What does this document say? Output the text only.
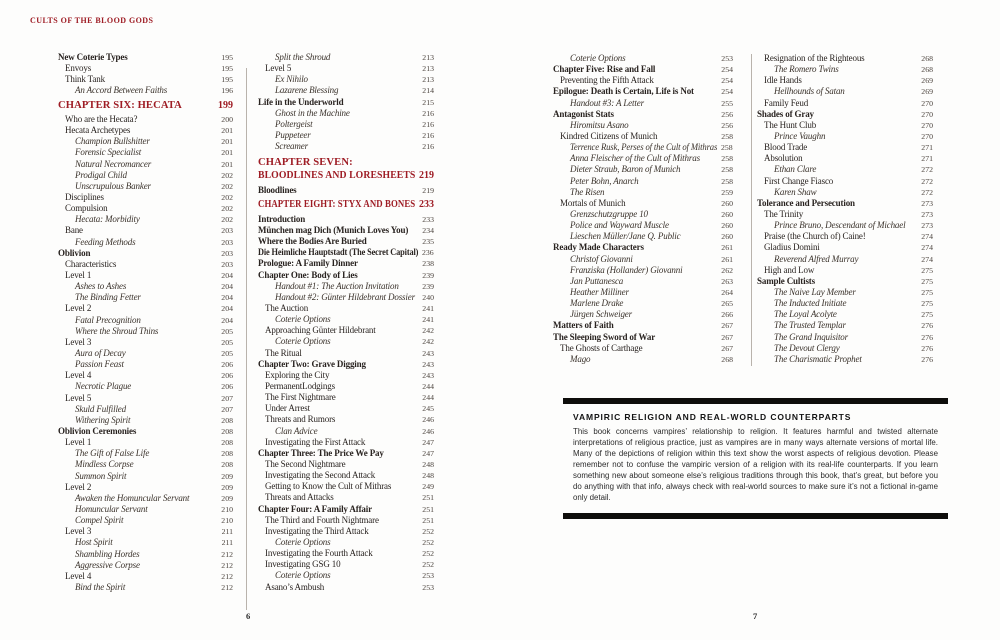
CULTS OF THE BLOOD GODS
New Coterie Types	195
Envoys	195
Think Tank	195
An Accord Between Faiths	196
CHAPTER SIX: HECATA	199
Who are the Hecata?	200
Hecata Archetypes	201
Champion Bullshitter	201
Forensic Specialist	201
Natural Necromancer	201
Prodigal Child	202
Unscrupulous Banker	202
Disciplines	202
Compulsion	202
Hecata: Morbidity	202
Bane	203
Feeding Methods	203
Oblivion	203
Characteristics	203
Level 1	204
Ashes to Ashes	204
The Binding Fetter	204
Level 2	204
Fatal Precognition	204
Where the Shroud Thins	205
Level 3	205
Aura of Decay	205
Passion Feast	206
Level 4	206
Necrotic Plague	206
Level 5	207
Skuld Fulfilled	207
Withering Spirit	208
Oblivion Ceremonies	208
Level 1	208
The Gift of False Life	208
Mindless Corpse	208
Summon Spirit	209
Level 2	209
Awaken the Homuncular Servant	209
Homuncular Servant	210
Compel Spirit	210
Level 3	211
Host Spirit	211
Shambling Hordes	212
Aggressive Corpse	212
Level 4	212
Bind the Spirit	212
Split the Shroud	213
Level 5	213
Ex Nihilo	213
Lazarene Blessing	214
Life in the Underworld	215
Ghost in the Machine	216
Poltergeist	216
Puppeteer	216
Screamer	216
CHAPTER SEVEN:
BLOODLINES AND LORESHEETS 219
Bloodlines	219
CHAPTER EIGHT: STYX AND BONES 233
Introduction	233
München mag Dich (Munich Loves You)	234
Where the Bodies Are Buried	235
Die Heimliche Hauptstadt (The Secret Capital) 236
Prologue: A Family Dinner	238
Chapter One: Body of Lies	239
Handout #1: The Auction Invitation	239
Handout #2: Günter Hildebrant Dossier 240
The Auction	241
Coterie Options	241
Approaching Günter Hildebrant	242
Coterie Options	242
The Ritual	243
Chapter Two: Grave Digging	243
Exploring the City	243
PermanentLodgings	244
The First Nightmare	244
Under Arrest	245
Threats and Rumors	246
Clan Advice	246
Investigating the First Attack	247
Chapter Three: The Price We Pay	247
The Second Nightmare	248
Investigating the Second Attack	248
Getting to Know the Cult of Mithras	249
Threats and Attacks	251
Chapter Four: A Family Affair	251
The Third and Fourth Nightmare	251
Investigating the Third Attack	252
Coterie Options	252
Investigating the Fourth Attack	252
Investigating GSG 10	252
Coterie Options	253
Asano’s Ambush	253
Coterie Options	253
Chapter Five: Rise and Fall	254
Preventing the Fifth Attack	254
Epilogue: Death is Certain, Life is Not	254
Handout #3: A Letter	255
Antagonist Stats	256
Hiromitsu Asano	256
Kindred Citizens of Munich	258
Terrence Rusk, Perses of the Cult of Mithras 258
Anna Fleischer of the Cult of Mithras	258
Dieter Straub, Baron of Munich	258
Peter Bohn, Anarch	258
The Risen	259
Mortals of Munich	260
Grenzschutzgruppe 10	260
Police and Wayward Muscle	260
Lieschen Müller/Jane Q. Public	260
Ready Made Characters	261
Christof Giovanni	261
Franziska (Hollander) Giovanni	262
Jan Puttanesca	263
Heather Milliner	264
Marlene Drake	265
Jürgen Schweiger	266
Matters of Faith	267
The Sleeping Sword of War	267
The Ghosts of Carthage	267
Mago	268
Resignation of the Righteous	268
The Romero Twins	268
Idle Hands	269
Hellhounds of Satan	269
Family Feud	270
Shades of Gray	270
The Hunt Club	270
Prince Vaughn	270
Blood Trade	271
Absolution	271
Ethan Clare	272
First Change Fiasco	272
Karen Shaw	272
Tolerance and Persecution	273
The Trinity	273
Prince Bruno, Descendant of Michael	273
Praise (the Church of) Caine!	274
Gladius Domini	274
Reverend Alfred Murray	274
High and Low	275
Sample Cultists	275
The Naive Lay Member	275
The Inducted Initiate	275
The Loyal Acolyte	275
The Trusted Templar	276
The Grand Inquisitor	276
The Devout Clergy	276
The Charismatic Prophet	276
VAMPIRIC RELIGION AND REAL-WORLD COUNTERPARTS
This book concerns vampires’ relationship to religion. It features harmful and twisted alternate interpretations of religious practice, just as vampires are in many ways alternate versions of mortal life. Many of the depictions of religion within this text show the worst aspects of religious devotion. Please remember not to confuse the vampiric version of a religion with its real-life counterparts. If you learn something new about someone else’s religious traditions through this book, that’s great, but before you do anything with that info, always check with real-world sources to make sure it’s not a fictional in-game only detail.
6	7
